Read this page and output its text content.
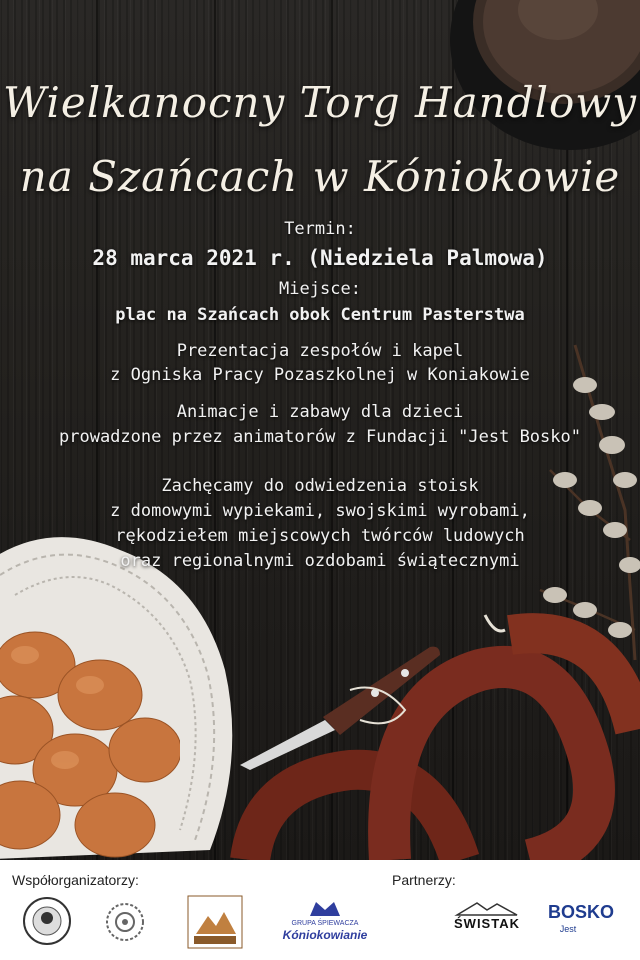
Wielkanocny Torg Handlowy
na Szańcach w Kóniokowie
Termin:
28 marca 2021 r. (Niedziela Palmowa)
Miejsce:
plac na Szańcach obok Centrum Pasterstwa
Prezentacja zespołów i kapel
z Ogniska Pracy Pozaszkolnej w Koniakowie
Animacje i zabawy dla dzieci
prowadzone przez animatorów z Fundacji "Jest Bosko"
Zachęcamy do odwiedzenia stoisk
z domowymi wypiekami, swojskimi wyrobami,
rękodziełem miejscowych twórców ludowych
oraz regionalnymi ozdobami świątecznymi
Współorganizatorzy:	Partnerzy:
GRUPA ŚPIEWACZA
Kóniokowianie
ŚWISTAK
BOSKO
Jest
